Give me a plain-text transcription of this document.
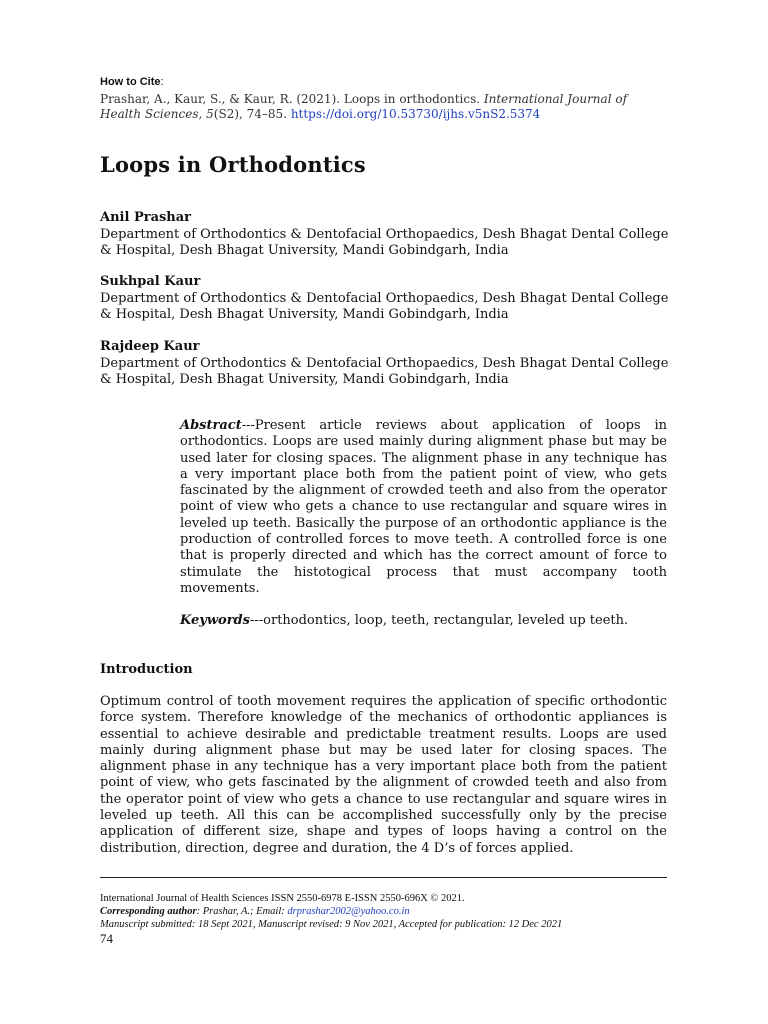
How to Cite:
Prashar, A., Kaur, S., & Kaur, R. (2021). Loops in orthodontics. International Journal of Health Sciences, 5(S2), 74–85. https://doi.org/10.53730/ijhs.v5nS2.5374
Loops in Orthodontics
Anil Prashar
Department of Orthodontics & Dentofacial Orthopaedics, Desh Bhagat Dental College & Hospital, Desh Bhagat University, Mandi Gobindgarh, India
Sukhpal Kaur
Department of Orthodontics & Dentofacial Orthopaedics, Desh Bhagat Dental College & Hospital, Desh Bhagat University, Mandi Gobindgarh, India
Rajdeep Kaur
Department of Orthodontics & Dentofacial Orthopaedics, Desh Bhagat Dental College & Hospital, Desh Bhagat University, Mandi Gobindgarh, India
Abstract---Present article reviews about application of loops in orthodontics. Loops are used mainly during alignment phase but may be used later for closing spaces. The alignment phase in any technique has a very important place both from the patient point of view, who gets fascinated by the alignment of crowded teeth and also from the operator point of view who gets a chance to use rectangular and square wires in leveled up teeth. Basically the purpose of an orthodontic appliance is the production of controlled forces to move teeth. A controlled force is one that is properly directed and which has the correct amount of force to stimulate the histotogical process that must accompany tooth movements.
Keywords---orthodontics, loop, teeth, rectangular, leveled up teeth.
Introduction

Optimum control of tooth movement requires the application of specific orthodontic force system. Therefore knowledge of the mechanics of orthodontic appliances is essential to achieve desirable and predictable treatment results. Loops are used mainly during alignment phase but may be used later for closing spaces. The alignment phase in any technique has a very important place both from the patient point of view, who gets fascinated by the alignment of crowded teeth and also from the operator point of view who gets a chance to use rectangular and square wires in leveled up teeth. All this can be accomplished successfully only by the precise application of different size, shape and types of loops having a control on the distribution, direction, degree and duration, the 4 D’s of forces applied.

International Journal of Health Sciences ISSN 2550-6978 E-ISSN 2550-696X © 2021.
Corresponding author: Prashar, A.; Email: drprashar2002@yahoo.co.in
Manuscript submitted: 18 Sept 2021, Manuscript revised: 9 Nov 2021, Accepted for publication: 12 Dec 2021
74
